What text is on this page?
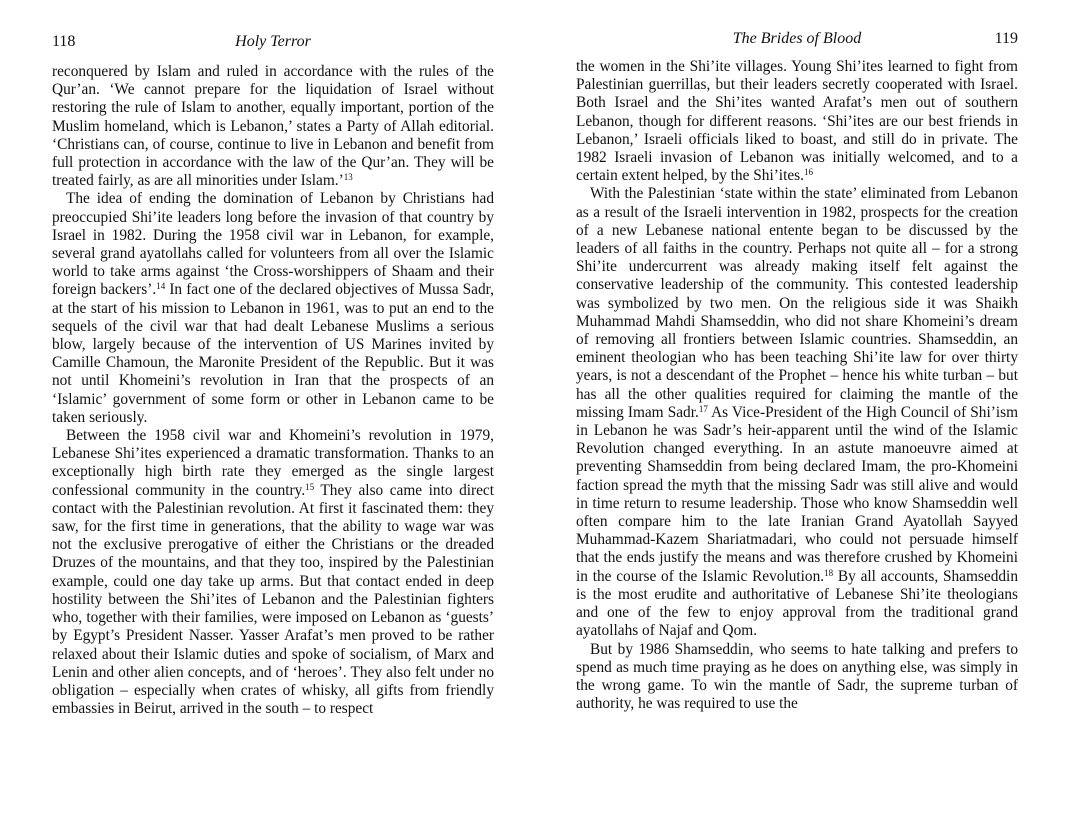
118	Holy Terror

reconquered by Islam and ruled in accordance with the rules of the Qur’an. ‘We cannot prepare for the liquidation of Israel without restoring the rule of Islam to another, equally important, portion of the Muslim homeland, which is Lebanon,’ states a Party of Allah editorial. ‘Christians can, of course, continue to live in Lebanon and benefit from full protection in accordance with the law of the Qur’an. They will be treated fairly, as are all minorities under Islam.’$^{13}$

The idea of ending the domination of Lebanon by Christians had preoccupied Shi’ite leaders long before the invasion of that country by Israel in 1982. During the 1958 civil war in Lebanon, for example, several grand ayatollahs called for volunteers from all over the Islamic world to take arms against ‘the Cross-worshippers of Shaam and their foreign backers’.$^{14}$ In fact one of the declared objectives of Mussa Sadr, at the start of his mission to Lebanon in 1961, was to put an end to the sequels of the civil war that had dealt Lebanese Muslims a serious blow, largely because of the intervention of US Marines invited by Camille Chamoun, the Maronite President of the Republic. But it was not until Khomeini’s revolution in Iran that the prospects of an ‘Islamic’ government of some form or other in Lebanon came to be taken seriously.

Between the 1958 civil war and Khomeini’s revolution in 1979, Lebanese Shi’ites experienced a dramatic transformation. Thanks to an exceptionally high birth rate they emerged as the single largest confessional community in the country.$^{15}$ They also came into direct contact with the Palestinian revolution. At first it fascinated them: they saw, for the first time in generations, that the ability to wage war was not the exclusive prerogative of either the Christians or the dreaded Druzes of the mountains, and that they too, inspired by the Palestinian example, could one day take up arms. But that contact ended in deep hostility between the Shi’ites of Lebanon and the Palestinian fighters who, together with their families, were imposed on Lebanon as ‘guests’ by Egypt’s President Nasser. Yasser Arafat’s men proved to be rather relaxed about their Islamic duties and spoke of socialism, of Marx and Lenin and other alien concepts, and of ‘heroes’. They also felt under no obligation – especially when crates of whisky, all gifts from friendly embassies in Beirut, arrived in the south – to respect

The Brides of Blood	119

the women in the Shi’ite villages. Young Shi’ites learned to fight from Palestinian guerrillas, but their leaders secretly cooperated with Israel. Both Israel and the Shi’ites wanted Arafat’s men out of southern Lebanon, though for different reasons. ‘Shi’ites are our best friends in Lebanon,’ Israeli officials liked to boast, and still do in private. The 1982 Israeli invasion of Lebanon was initially welcomed, and to a certain extent helped, by the Shi’ites.$^{16}$

With the Palestinian ‘state within the state’ eliminated from Lebanon as a result of the Israeli intervention in 1982, prospects for the creation of a new Lebanese national entente began to be discussed by the leaders of all faiths in the country. Perhaps not quite all – for a strong Shi’ite undercurrent was already making itself felt against the conservative leadership of the community. This contested leadership was symbolized by two men. On the religious side it was Shaikh Muhammad Mahdi Shamseddin, who did not share Khomeini’s dream of removing all frontiers between Islamic countries. Shamseddin, an eminent theologian who has been teaching Shi’ite law for over thirty years, is not a descendant of the Prophet – hence his white turban – but has all the other qualities required for claiming the mantle of the missing Imam Sadr.$^{17}$ As Vice-President of the High Council of Shi’ism in Lebanon he was Sadr’s heir-apparent until the wind of the Islamic Revolution changed everything. In an astute manoeuvre aimed at preventing Shamseddin from being declared Imam, the pro-Khomeini faction spread the myth that the missing Sadr was still alive and would in time return to resume leadership. Those who know Shamseddin well often compare him to the late Iranian Grand Ayatollah Sayyed Muhammad-Kazem Shariatmadari, who could not persuade himself that the ends justify the means and was therefore crushed by Khomeini in the course of the Islamic Revolution.$^{18}$ By all accounts, Shamseddin is the most erudite and authoritative of Lebanese Shi’ite theologians and one of the few to enjoy approval from the traditional grand ayatollahs of Najaf and Qom.

But by 1986 Shamseddin, who seems to hate talking and prefers to spend as much time praying as he does on anything else, was simply in the wrong game. To win the mantle of Sadr, the supreme turban of authority, he was required to use the
